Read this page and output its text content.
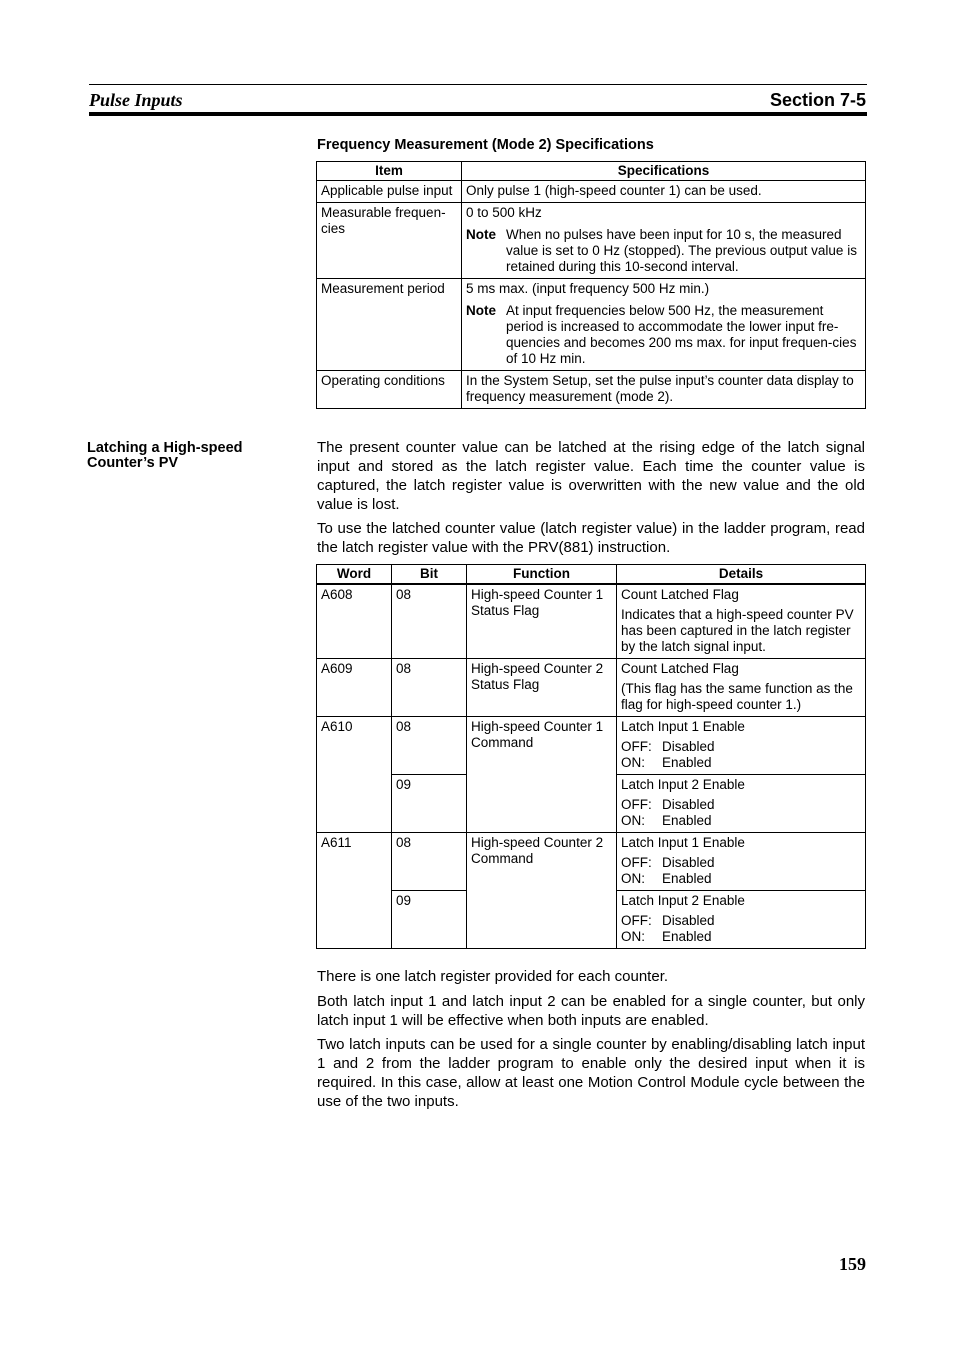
Pulse Inputs	Section 7-5
Frequency Measurement (Mode 2) Specifications
Item	Specifications
Applicable pulse input	Only pulse 1 (high-speed counter 1) can be used.

Measurable frequen-cies	0 to 500 kHz
Note When no pulses have been input for 10 s, the measured value is set to 0 Hz (stopped). The previous output value is retained during this 10-second interval.

Measurement period	5 ms max. (input frequency 500 Hz min.)
Note At input frequencies below 500 Hz, the measurement period is increased to accommodate the lower input fre-quencies and becomes 200 ms max. for input frequen-cies of 10 Hz min.

Operating conditions	In the System Setup, set the pulse input’s counter data display to frequency measurement (mode 2).
Latching a High-speed Counter’s PV

The present counter value can be latched at the rising edge of the latch signal input and stored as the latch register value. Each time the counter value is captured, the latch register value is overwritten with the new value and the old value is lost.

To use the latched counter value (latch register value) in the ladder program, read the latch register value with the PRV(881) instruction.

Word	Bit	Function	Details
A608	08	High-speed Counter 1 Status Flag	Count Latched Flag
Indicates that a high-speed counter PV has been captured in the latch register by the latch signal input.

A609	08	High-speed Counter 2 Status Flag	Count Latched Flag
(This flag has the same function as the flag for high-speed counter 1.)

A610	08	High-speed Counter 1 Command	Latch Input 1 Enable
OFF: Disabled
ON: Enabled

	09		Latch Input 2 Enable
OFF: Disabled
ON: Enabled

A611	08	High-speed Counter 2 Command	Latch Input 1 Enable
OFF: Disabled
ON: Enabled

	09		Latch Input 2 Enable
OFF: Disabled
ON: Enabled

There is one latch register provided for each counter.

Both latch input 1 and latch input 2 can be enabled for a single counter, but only latch input 1 will be effective when both inputs are enabled.

Two latch inputs can be used for a single counter by enabling/disabling latch input 1 and 2 from the ladder program to enable only the desired input when it is required. In this case, allow at least one Motion Control Module cycle between the use of the two inputs.

159
